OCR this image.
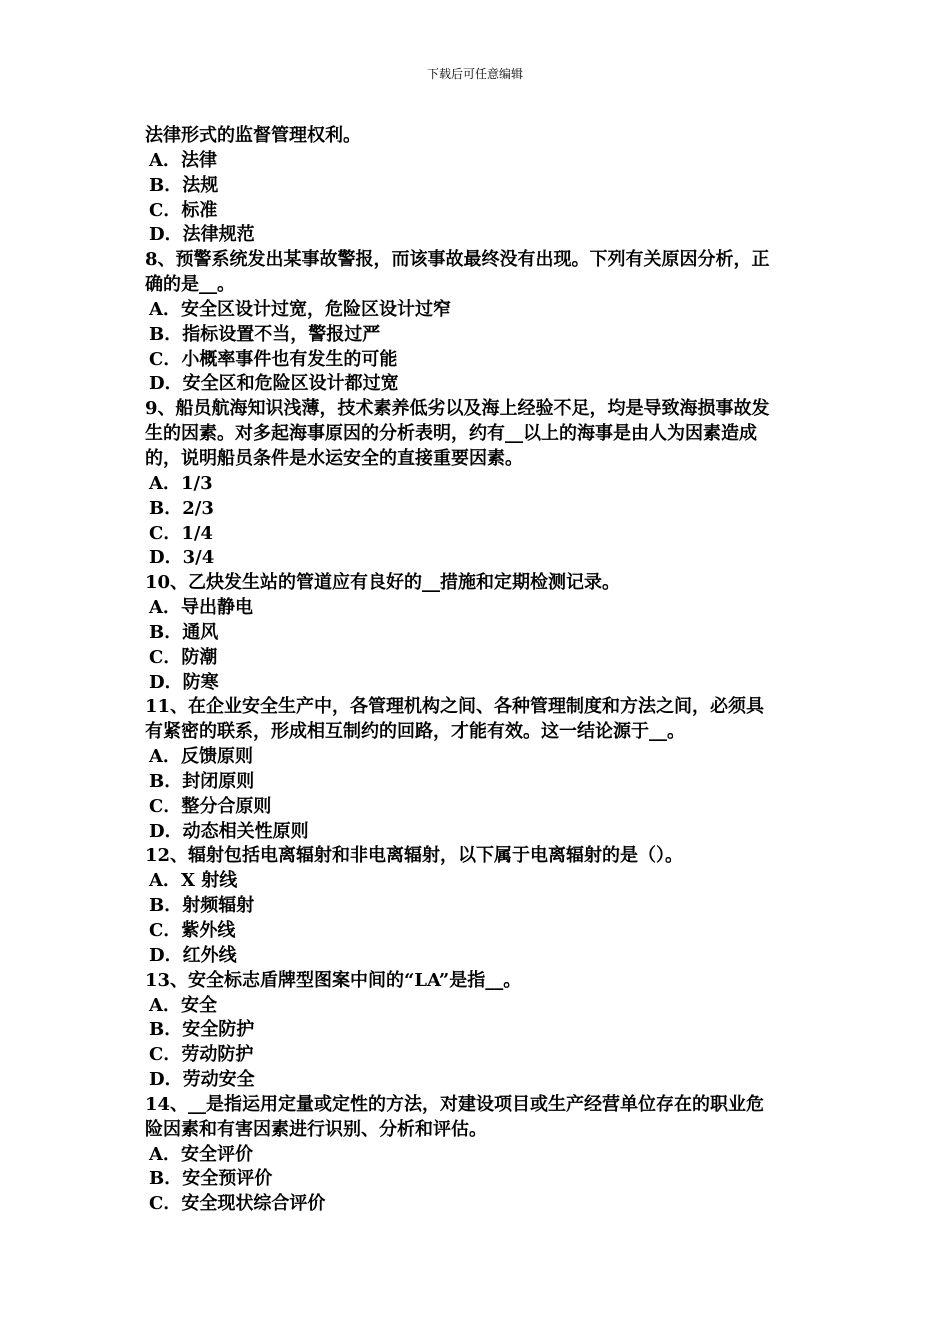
下载后可任意编辑
法律形式的监督管理权利。
A．法律
B．法规
C．标准
D．法律规范
8、预警系统发出某事故警报，而该事故最终没有出现。下列有关原因分析，正
确的是__。
A．安全区设计过宽，危险区设计过窄
B．指标设置不当，警报过严
C．小概率事件也有发生的可能
D．安全区和危险区设计都过宽
9、船员航海知识浅薄，技术素养低劣以及海上经验不足，均是导致海损事故发
生的因素。对多起海事原因的分析表明，约有__以上的海事是由人为因素造成
的，说明船员条件是水运安全的直接重要因素。
A．1/3
B．2/3
C．1/4
D．3/4
10、乙炔发生站的管道应有良好的__措施和定期检测记录。
A．导出静电
B．通风
C．防潮
D．防寒
11、在企业安全生产中，各管理机构之间、各种管理制度和方法之间，必须具
有紧密的联系，形成相互制约的回路，才能有效。这一结论源于__。
A．反馈原则
B．封闭原则
C．整分合原则
D．动态相关性原则
12、辐射包括电离辐射和非电离辐射，以下属于电离辐射的是（）。
A．X 射线
B．射频辐射
C．紫外线
D．红外线
13、安全标志盾牌型图案中间的“LA”是指__。
A．安全
B．安全防护
C．劳动防护
D．劳动安全
14、__是指运用定量或定性的方法，对建设项目或生产经营单位存在的职业危
险因素和有害因素进行识别、分析和评估。
A．安全评价
B．安全预评价
C．安全现状综合评价
